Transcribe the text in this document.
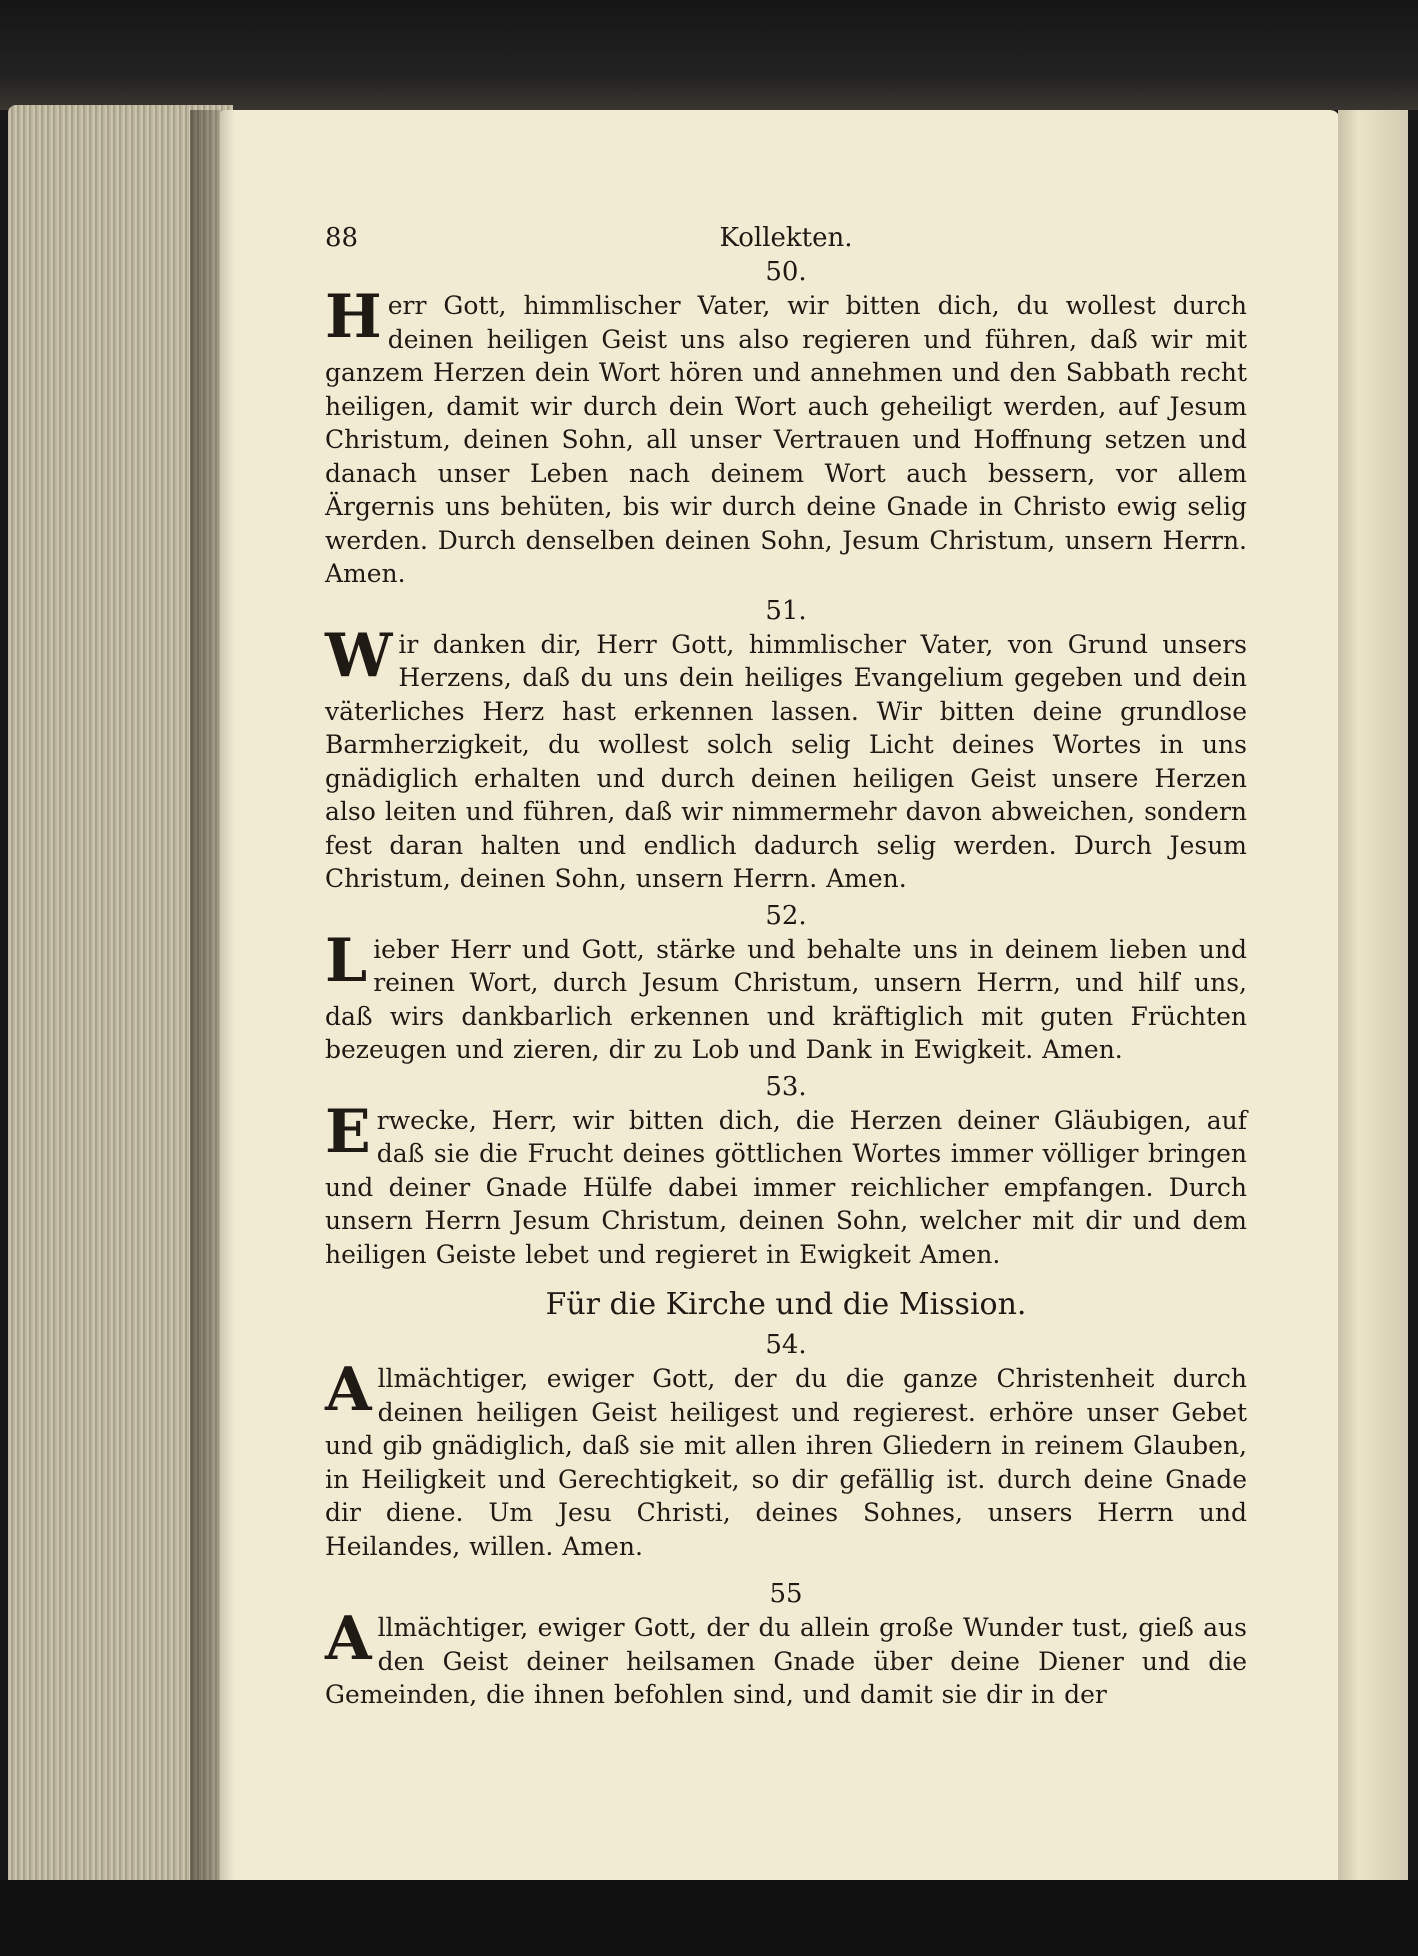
88	Kollekten.
50.

Herr Gott, himmlischer Vater, wir bitten dich, du wollest durch deinen heiligen Geist uns also regieren und führen, daß wir mit ganzem Herzen dein Wort hören und annehmen und den Sabbath recht heiligen, damit wir durch dein Wort auch geheiligt werden, auf Jesum Christum, deinen Sohn, all unser Vertrauen und Hoffnung setzen und danach unser Leben nach deinem Wort auch bessern, vor allem Ärgernis uns behüten, bis wir durch deine Gnade in Christo ewig selig werden. Durch denselben deinen Sohn, Jesum Christum, unsern Herrn. Amen.

51.

Wir danken dir, Herr Gott, himmlischer Vater, von Grund unsers Herzens, daß du uns dein heiliges Evangelium gegeben und dein väterliches Herz hast erkennen lassen. Wir bitten deine grundlose Barmherzigkeit, du wollest solch selig Licht deines Wortes in uns gnädiglich erhalten und durch deinen heiligen Geist unsere Herzen also leiten und führen, daß wir nimmermehr davon abweichen, sondern fest daran halten und endlich dadurch selig werden. Durch Jesum Christum, deinen Sohn, unsern Herrn. Amen.

52.

Lieber Herr und Gott, stärke und behalte uns in deinem lieben und reinen Wort, durch Jesum Christum, unsern Herrn, und hilf uns, daß wirs dankbarlich erkennen und kräftiglich mit guten Früchten bezeugen und zieren, dir zu Lob und Dank in Ewigkeit. Amen.

53.

Erwecke, Herr, wir bitten dich, die Herzen deiner Gläubigen, auf daß sie die Frucht deines göttlichen Wortes immer völliger bringen und deiner Gnade Hülfe dabei immer reichlicher empfangen. Durch unsern Herrn Jesum Christum, deinen Sohn, welcher mit dir und dem heiligen Geiste lebet und regieret in Ewigkeit Amen.

Für die Kirche und die Mission.
54.

Allmächtiger, ewiger Gott, der du die ganze Christenheit durch deinen heiligen Geist heiligest und regierest. erhöre unser Gebet und gib gnädiglich, daß sie mit allen ihren Gliedern in reinem Glauben, in Heiligkeit und Gerechtigkeit, so dir gefällig ist. durch deine Gnade dir diene. Um Jesu Christi, deines Sohnes, unsers Herrn und Heilandes, willen. Amen.

55

Allmächtiger, ewiger Gott, der du allein große Wunder tust, gieß aus den Geist deiner heilsamen Gnade über deine Diener und die Gemeinden, die ihnen befohlen sind, und damit sie dir in der
